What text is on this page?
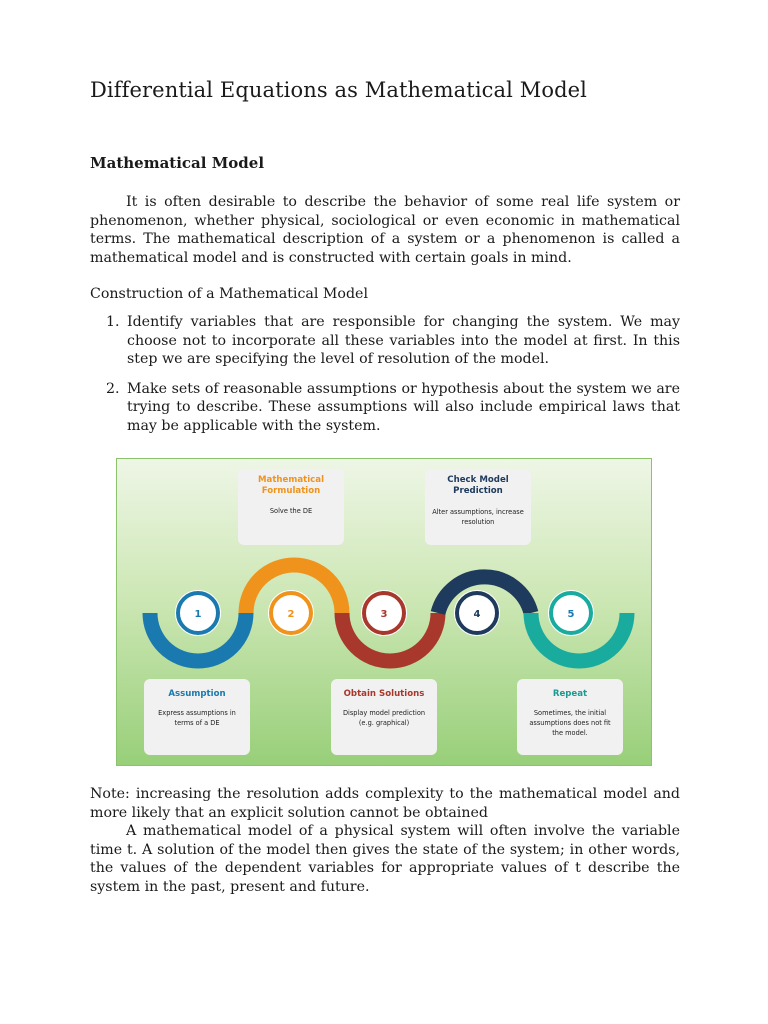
Differential Equations as Mathematical Model
Mathematical Model

It is often desirable to describe the behavior of some real life system or phenomenon, whether physical, sociological or even economic in mathematical terms. The mathematical description of a system or a phenomenon is called a mathematical model and is constructed with certain goals in mind.

Construction of a Mathematical Model

1. Identify variables that are responsible for changing the system. We may choose not to incorporate all these variables into the model at first. In this step we are specifying the level of resolution of the model.
2. Make sets of reasonable assumptions or hypothesis about the system we are trying to describe. These assumptions will also include empirical laws that may be applicable with the system.
1	2	3	4	5
Mathematical Formulation
Solve the DE
Check Model Prediction
Alter assumptions, increase resolution
Assumption
Express assumptions in terms of a DE
Obtain Solutions
Display model prediction (e.g. graphical)
Repeat
Sometimes, the initial assumptions does not fit the model.

Note: increasing the resolution adds complexity to the mathematical model and more likely that an explicit solution cannot be obtained

A mathematical model of a physical system will often involve the variable time t. A solution of the model then gives the state of the system; in other words, the values of the dependent variables for appropriate values of t describe the system in the past, present and future.
